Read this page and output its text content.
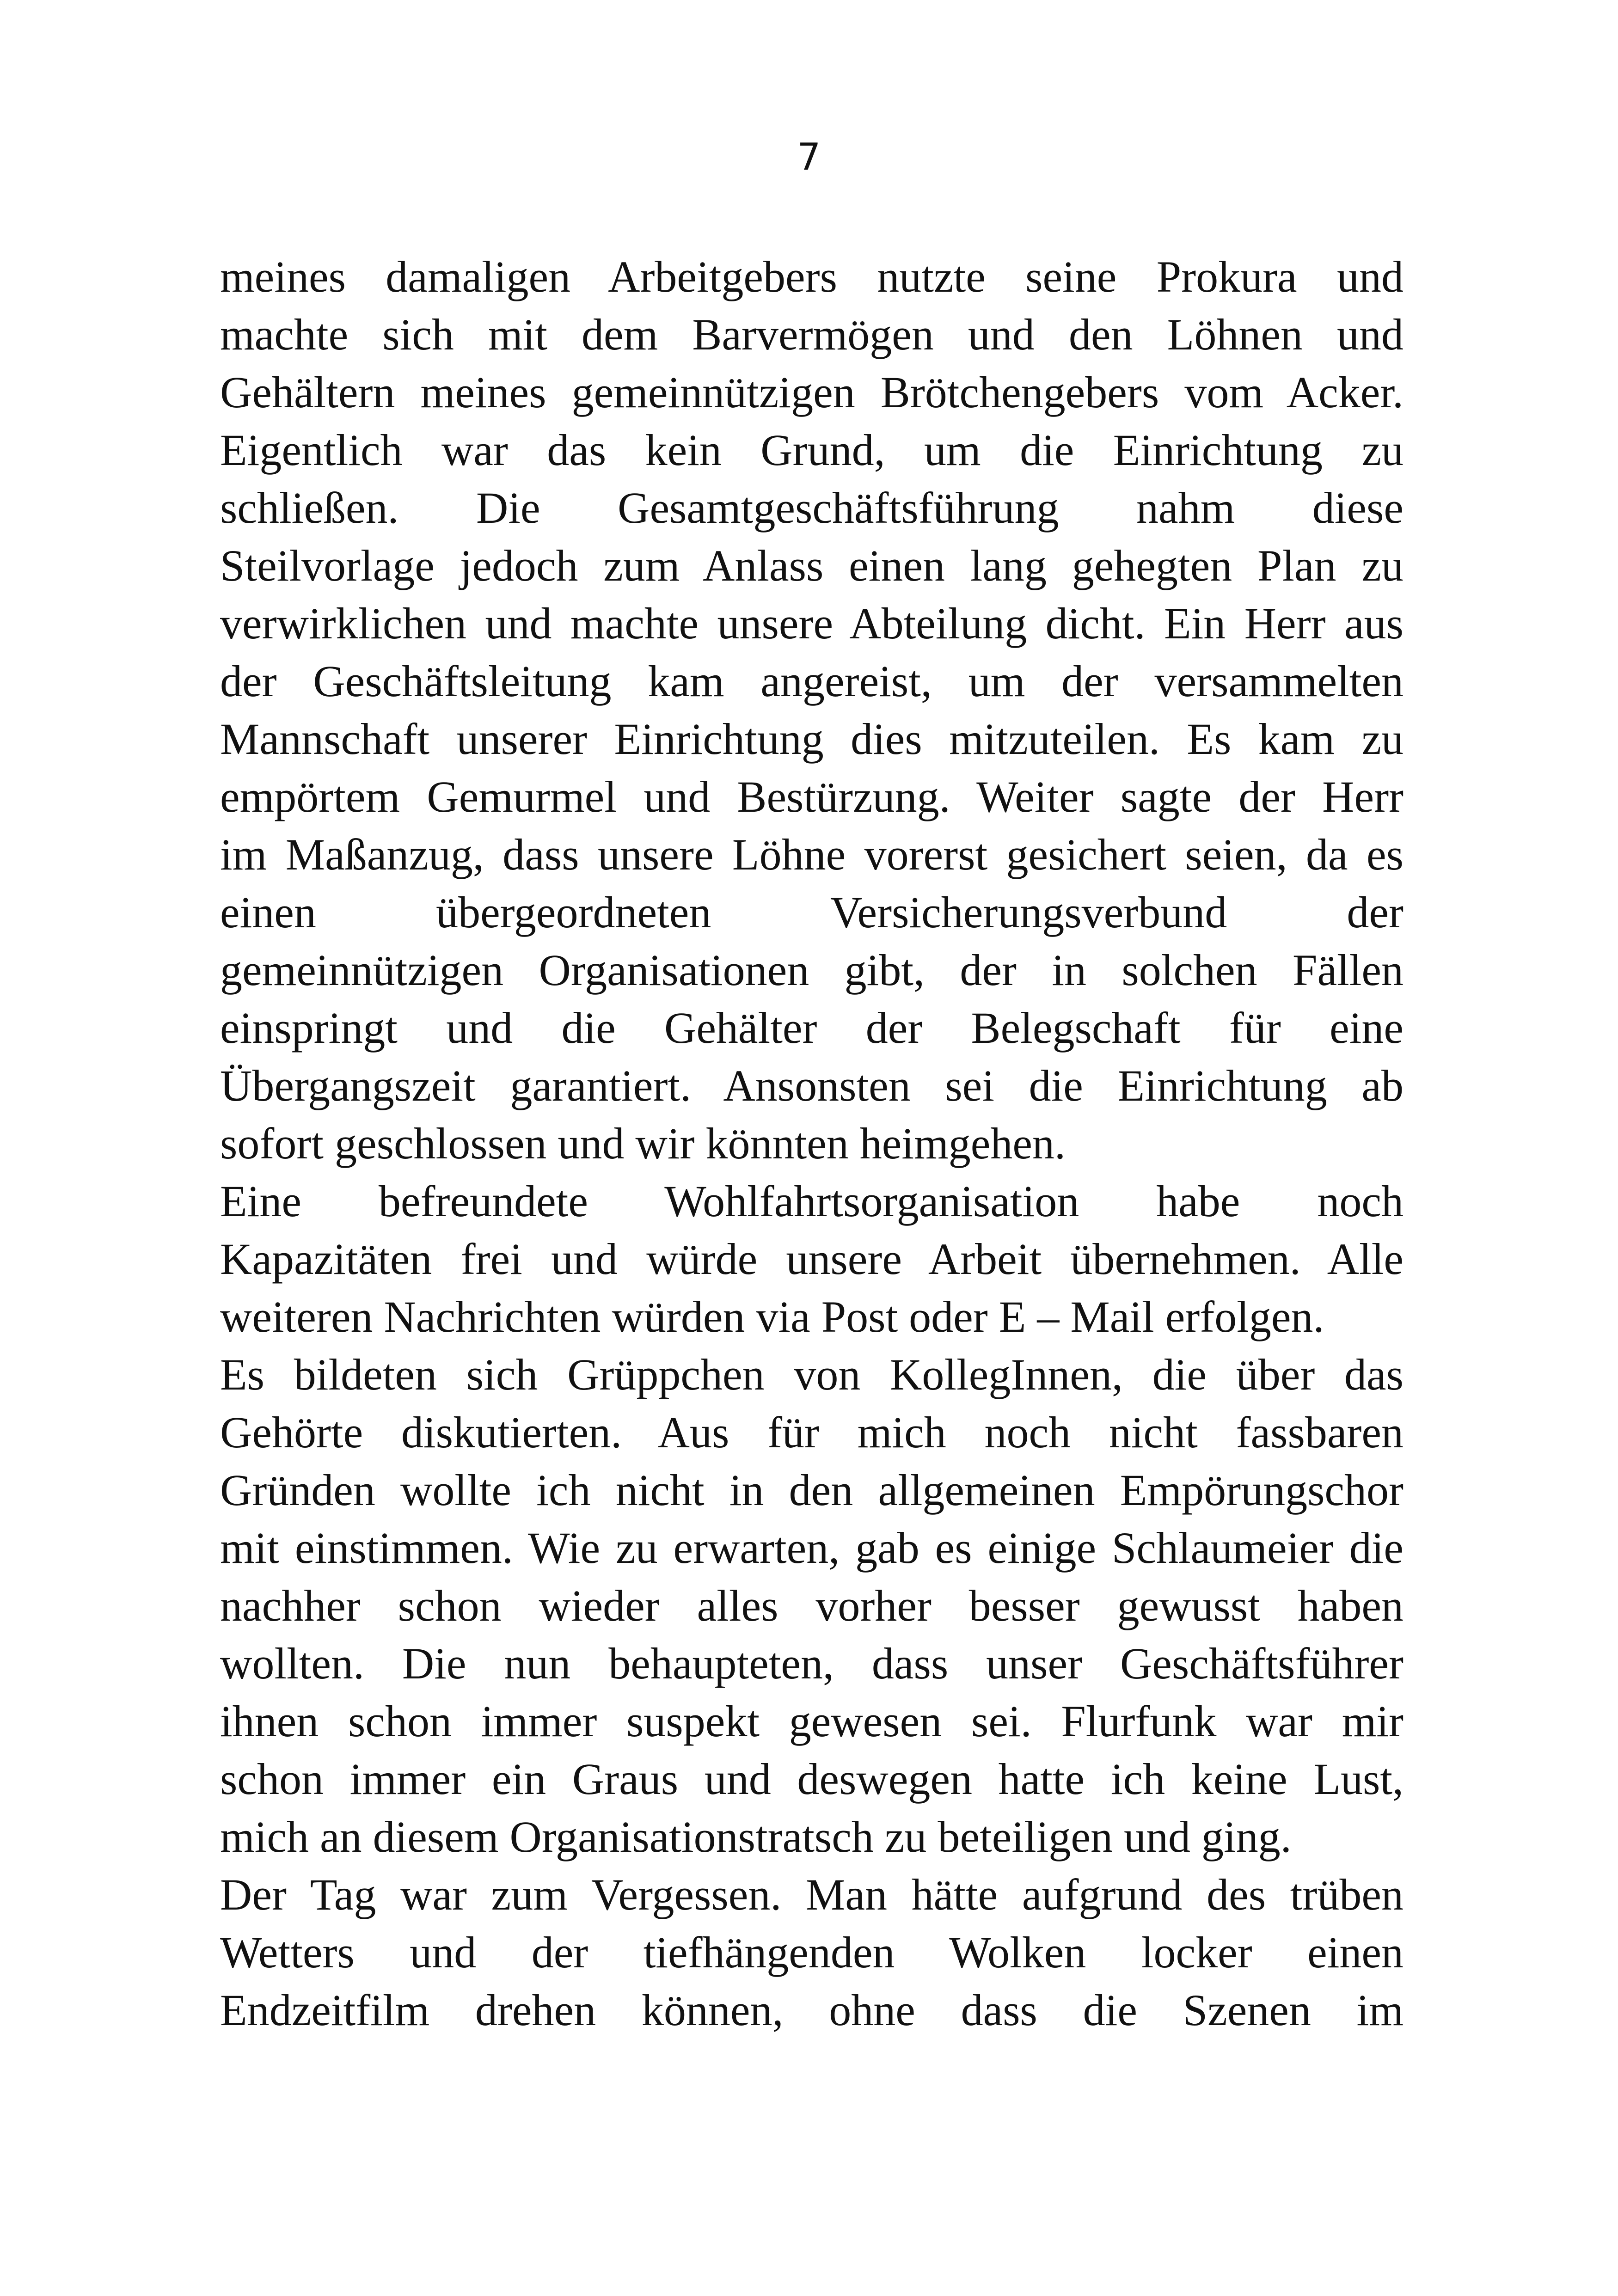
7
meines damaligen Arbeitgebers nutzte seine Prokura und
machte sich mit dem Barvermögen und den Löhnen und
Gehältern meines gemeinnützigen Brötchengebers vom Acker.
Eigentlich war das kein Grund, um die Einrichtung zu
schließen. Die Gesamtgeschäftsführung nahm diese
Steilvorlage jedoch zum Anlass einen lang gehegten Plan zu
verwirklichen und machte unsere Abteilung dicht. Ein Herr aus
der Geschäftsleitung kam angereist, um der versammelten
Mannschaft unserer Einrichtung dies mitzuteilen. Es kam zu
empörtem Gemurmel und Bestürzung. Weiter sagte der Herr
im Maßanzug, dass unsere Löhne vorerst gesichert seien, da es
einen übergeordneten Versicherungsverbund der
gemeinnützigen Organisationen gibt, der in solchen Fällen
einspringt und die Gehälter der Belegschaft für eine
Übergangszeit garantiert. Ansonsten sei die Einrichtung ab
sofort geschlossen und wir könnten heimgehen.
Eine befreundete Wohlfahrtsorganisation habe noch
Kapazitäten frei und würde unsere Arbeit übernehmen. Alle
weiteren Nachrichten würden via Post oder E – Mail erfolgen.
Es bildeten sich Grüppchen von KollegInnen, die über das
Gehörte diskutierten. Aus für mich noch nicht fassbaren
Gründen wollte ich nicht in den allgemeinen Empörungschor
mit einstimmen. Wie zu erwarten, gab es einige Schlaumeier die
nachher schon wieder alles vorher besser gewusst haben
wollten. Die nun behaupteten, dass unser Geschäftsführer
ihnen schon immer suspekt gewesen sei. Flurfunk war mir
schon immer ein Graus und deswegen hatte ich keine Lust,
mich an diesem Organisationstratsch zu beteiligen und ging.
Der Tag war zum Vergessen. Man hätte aufgrund des trüben
Wetters und der tiefhängenden Wolken locker einen
Endzeitfilm drehen können, ohne dass die Szenen im
